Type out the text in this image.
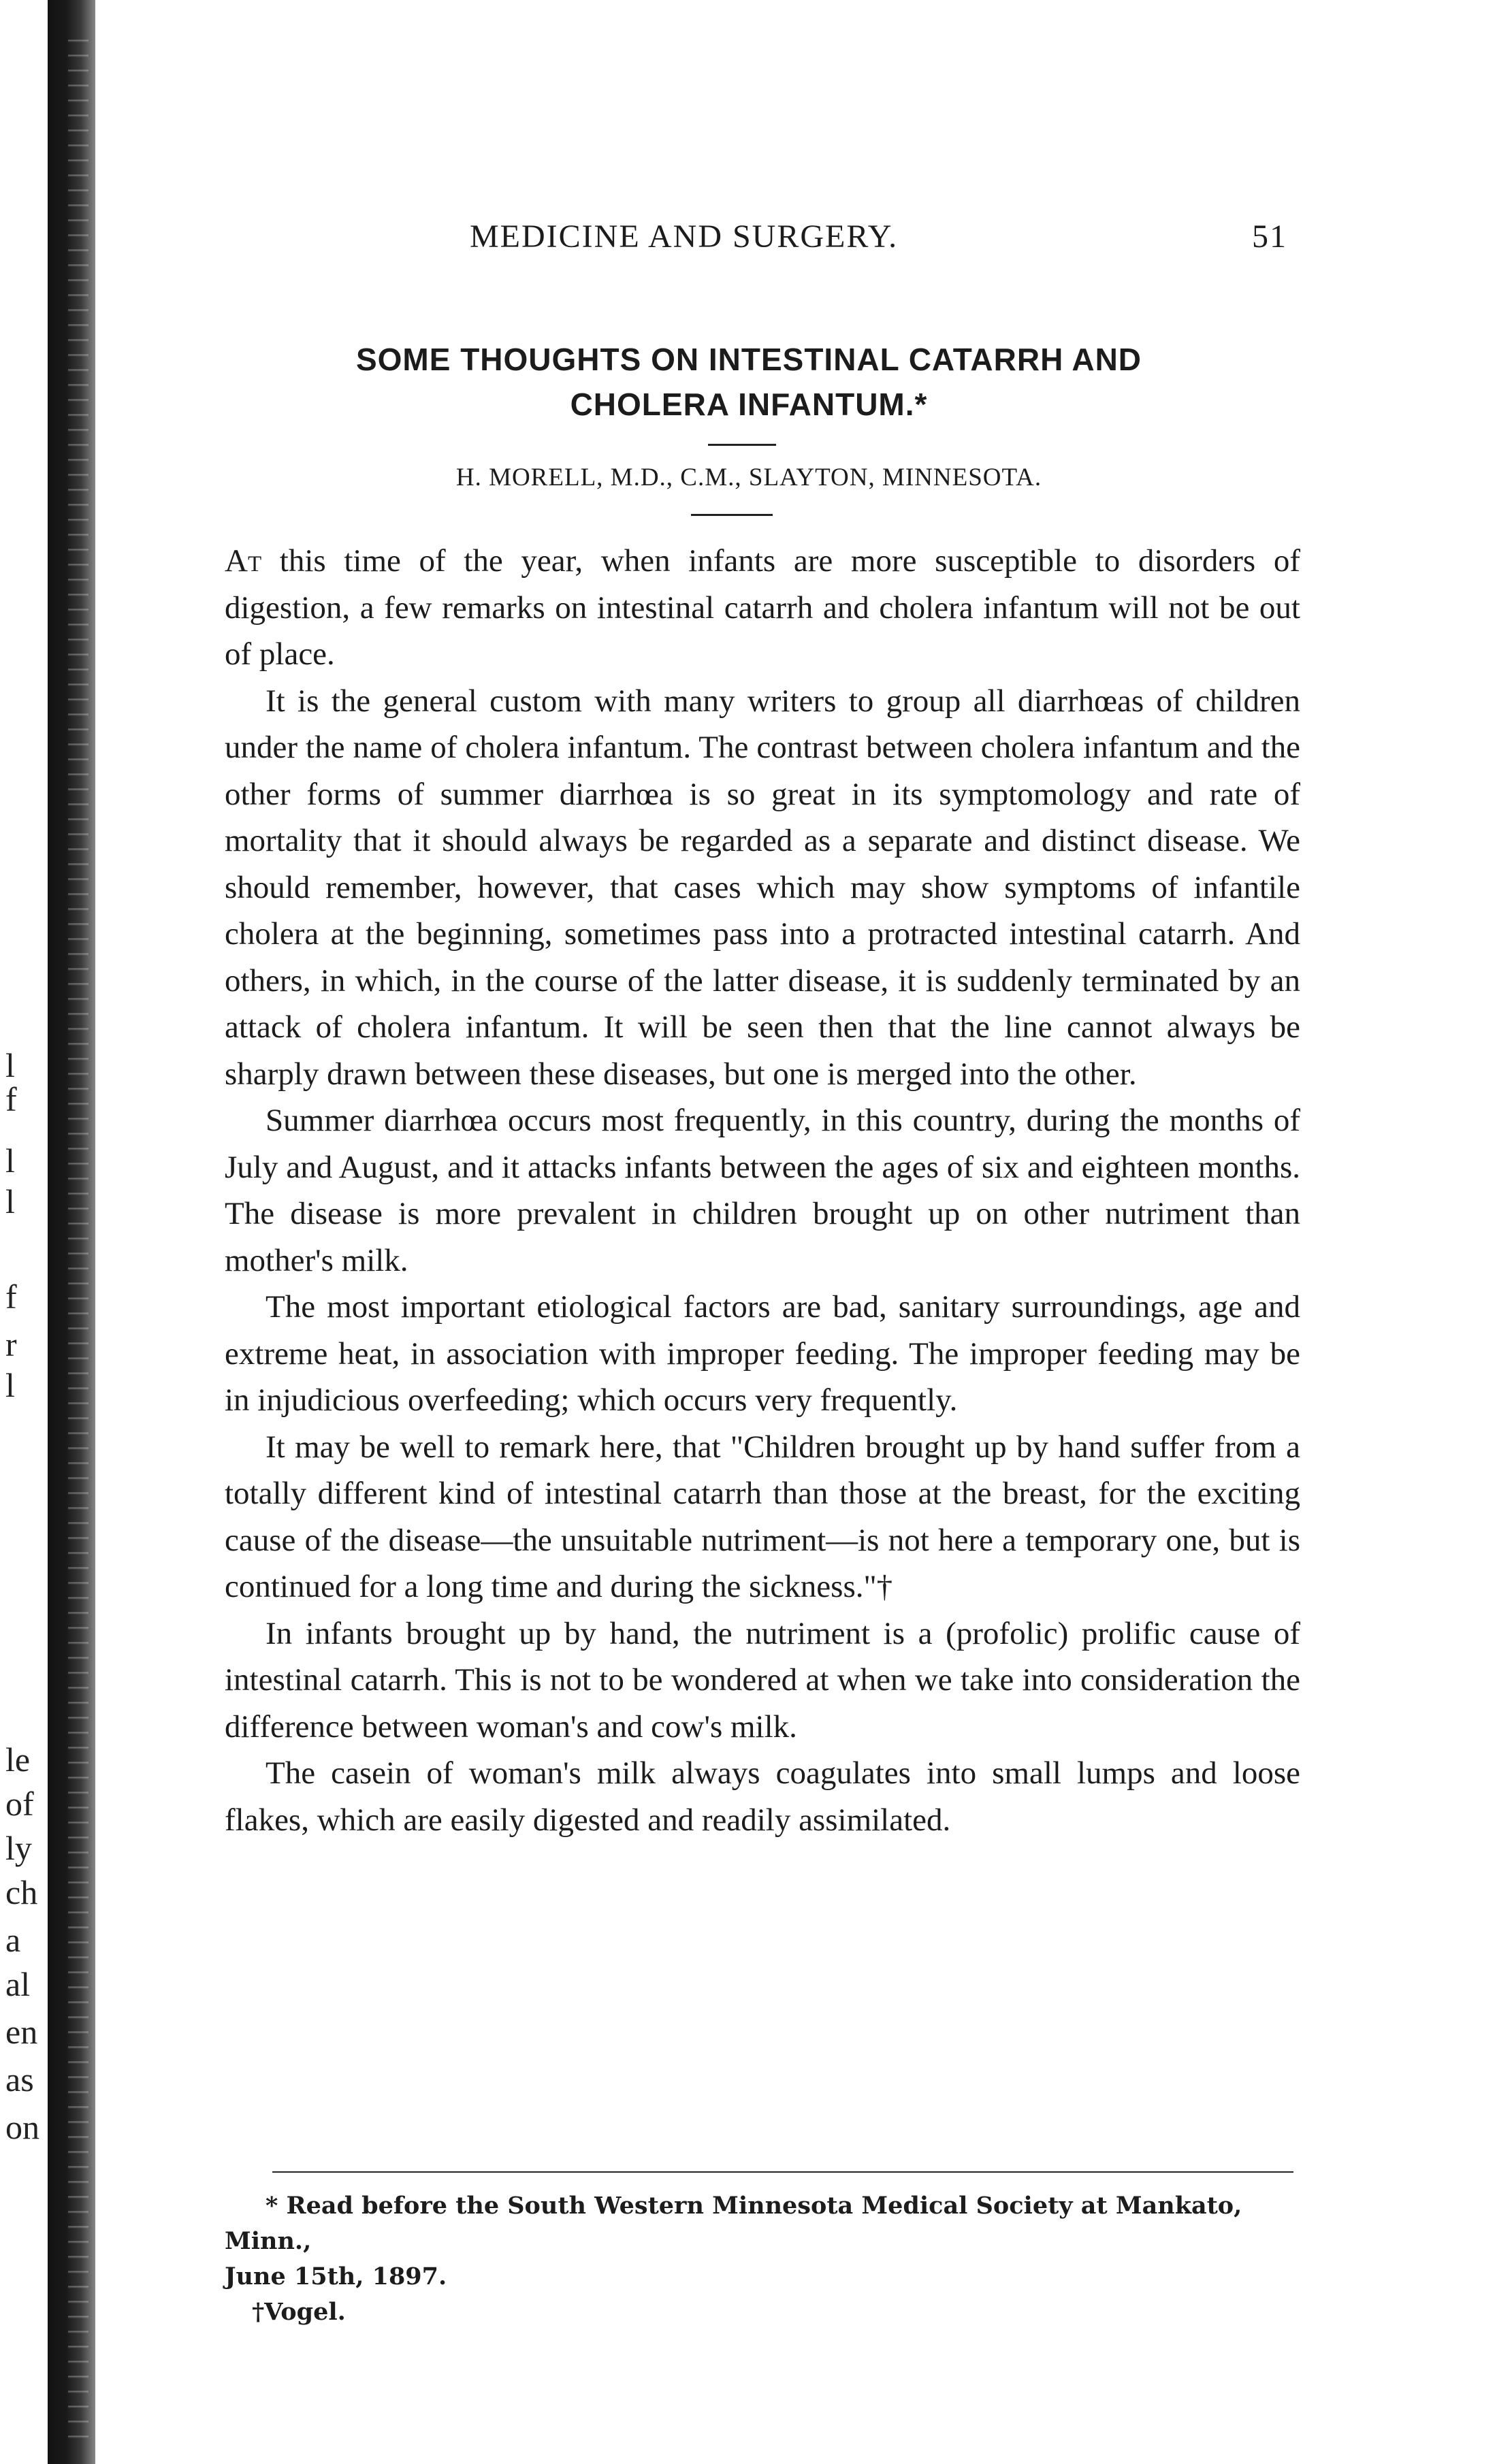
l
f
l
l
f
r
l
le
of
ly
ch
a
al
en
as
on
MEDICINE AND SURGERY.	51
SOME THOUGHTS ON INTESTINAL CATARRH AND
CHOLERA INFANTUM.*
H. MORELL, M.D., C.M., SLAYTON, MINNESOTA.

At this time of the year, when infants are more susceptible to disorders of digestion, a few remarks on intestinal catarrh and cholera infantum will not be out of place.

It is the general custom with many writers to group all diarrhœas of children under the name of cholera infantum. The contrast between cholera infantum and the other forms of summer diarrhœa is so great in its symptomology and rate of mortality that it should always be regarded as a separate and distinct disease. We should remember, however, that cases which may show symptoms of infantile cholera at the beginning, sometimes pass into a protracted intestinal catarrh. And others, in which, in the course of the latter disease, it is suddenly terminated by an attack of cholera infantum. It will be seen then that the line cannot always be sharply drawn between these diseases, but one is merged into the other.

Summer diarrhœa occurs most frequently, in this country, during the months of July and August, and it attacks infants between the ages of six and eighteen months. The disease is more prevalent in children brought up on other nutriment than mother's milk.

The most important etiological factors are bad, sanitary surroundings, age and extreme heat, in association with improper feeding. The improper feeding may be in injudicious overfeeding; which occurs very frequently.

It may be well to remark here, that "Children brought up by hand suffer from a totally different kind of intestinal catarrh than those at the breast, for the exciting cause of the disease—the unsuitable nutriment—is not here a temporary one, but is continued for a long time and during the sickness."†

In infants brought up by hand, the nutriment is a (profolic) prolific cause of intestinal catarrh. This is not to be wondered at when we take into consideration the difference between woman's and cow's milk.

The casein of woman's milk always coagulates into small lumps and loose flakes, which are easily digested and readily assimilated.

* Read before the South Western Minnesota Medical Society at Mankato, Minn.,

June 15th, 1897.

†Vogel.
